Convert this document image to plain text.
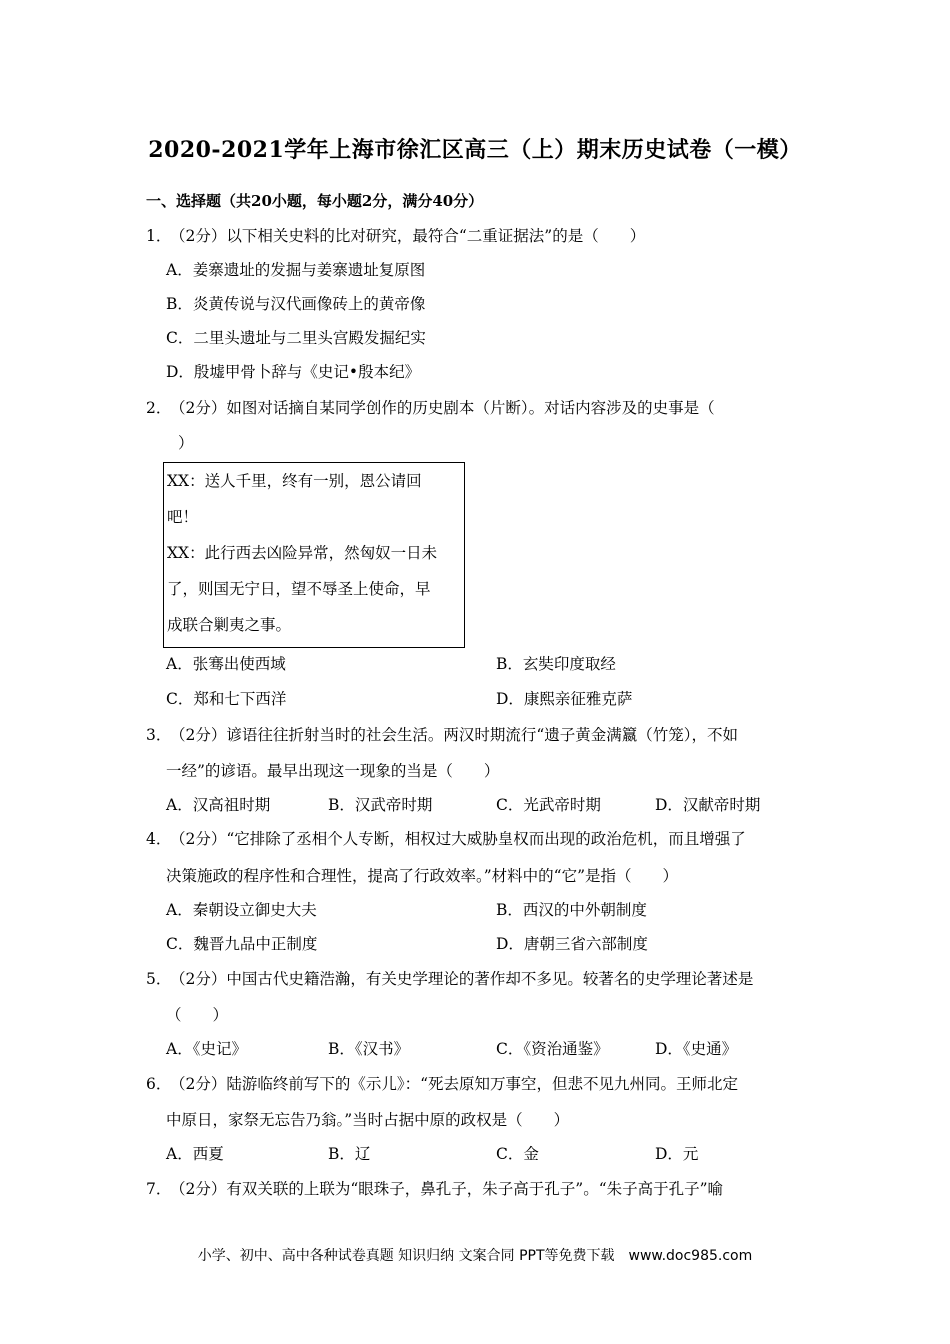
2020-2021学年上海市徐汇区高三（上）期末历史试卷（一模）
一、选择题（共20小题，每小题2分，满分40分）
1．（2分）以下相关史料的比对研究，最符合“二重证据法”的是（　　）
A．姜寨遗址的发掘与姜寨遗址复原图
B．炎黄传说与汉代画像砖上的黄帝像
C．二里头遗址与二里头宫殿发掘纪实
D．殷墟甲骨卜辞与《史记•殷本纪》
2．（2分）如图对话摘自某同学创作的历史剧本（片断）。对话内容涉及的史事是（
）
XX：送人千里，终有一别，恩公请回
吧！
XX：此行西去凶险异常，然匈奴一日未
了，则国无宁日，望不辱圣上使命，早
成联合剿夷之事。
A．张骞出使西域	B．玄奘印度取经
C．郑和七下西洋	D．康熙亲征雅克萨
3．（2分）谚语往往折射当时的社会生活。两汉时期流行“遗子黄金满籝（竹笼），不如
一经”的谚语。最早出现这一现象的当是（　　）
A．汉高祖时期	B．汉武帝时期	C．光武帝时期	D．汉献帝时期
4．（2分）“它排除了丞相个人专断，相权过大威胁皇权而出现的政治危机，而且增强了
决策施政的程序性和合理性，提高了行政效率。”材料中的“它”是指（　　）
A．秦朝设立御史大夫	B．西汉的中外朝制度
C．魏晋九品中正制度	D．唐朝三省六部制度
5．（2分）中国古代史籍浩瀚，有关史学理论的著作却不多见。较著名的史学理论著述是
（　　）
A．《史记》	B．《汉书》	C．《资治通鉴》	D．《史通》
6．（2分）陆游临终前写下的《示儿》：“死去原知万事空，但悲不见九州同。王师北定
中原日，家祭无忘告乃翁。”当时占据中原的政权是（　　）
A．西夏	B．辽	C．金	D．元
7．（2分）有双关联的上联为“眼珠子，鼻孔子，朱子高于孔子”。“朱子高于孔子”喻
小学、初中、高中各种试卷真题 知识归纳 文案合同 PPT等免费下载　www.doc985.com
